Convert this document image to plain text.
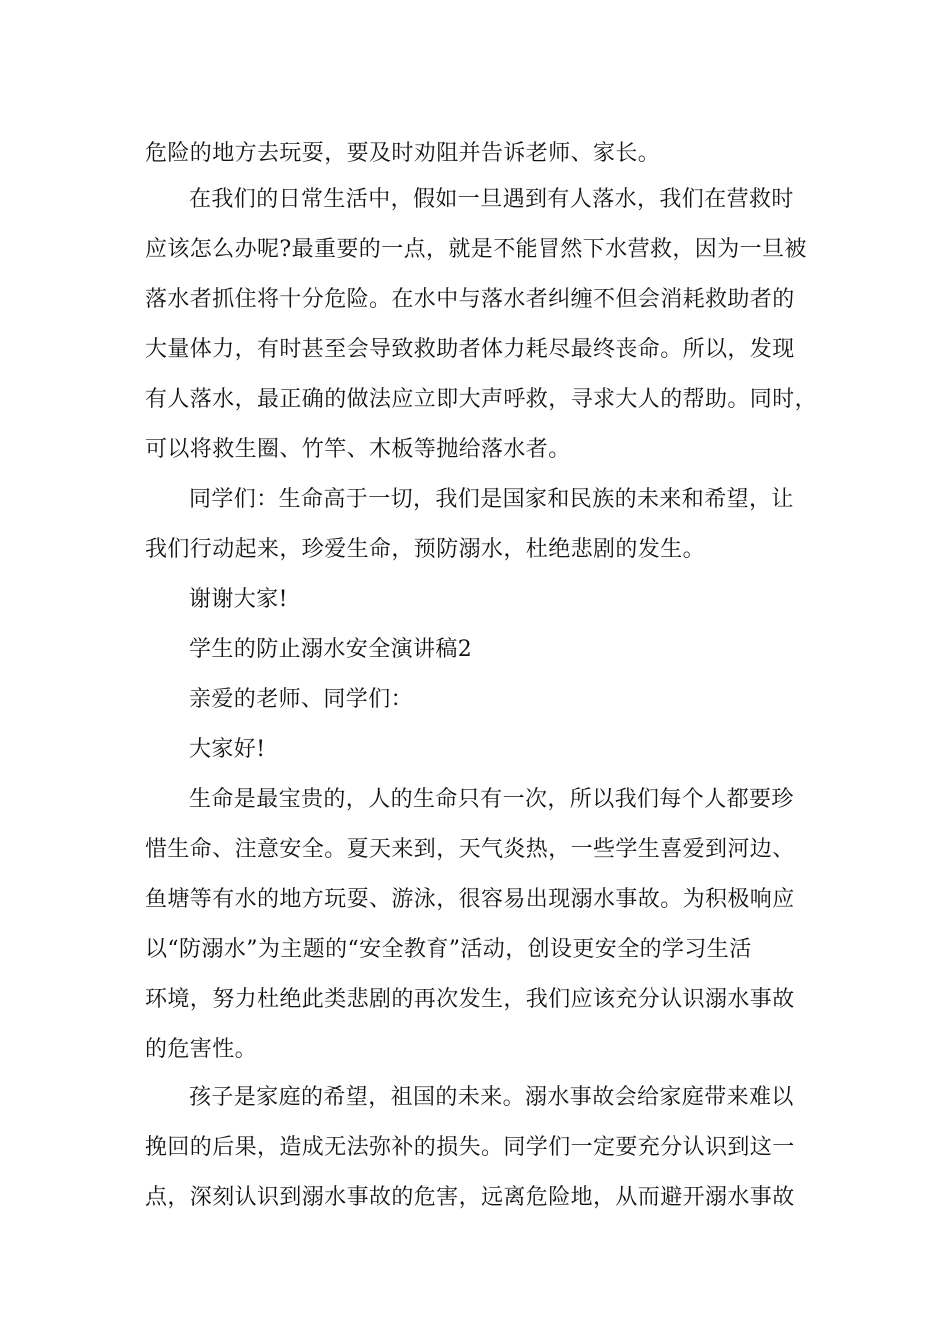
危险的地方去玩耍，要及时劝阻并告诉老师、家长。
在我们的日常生活中，假如一旦遇到有人落水，我们在营救时
应该怎么办呢?最重要的一点，就是不能冒然下水营救，因为一旦被
落水者抓住将十分危险。在水中与落水者纠缠不但会消耗救助者的
大量体力，有时甚至会导致救助者体力耗尽最终丧命。所以，发现
有人落水，最正确的做法应立即大声呼救，寻求大人的帮助。同时，
可以将救生圈、竹竿、木板等抛给落水者。
同学们：生命高于一切，我们是国家和民族的未来和希望，让
我们行动起来，珍爱生命，预防溺水，杜绝悲剧的发生。
谢谢大家!
学生的防止溺水安全演讲稿2
亲爱的老师、同学们：
大家好!
生命是最宝贵的，人的生命只有一次，所以我们每个人都要珍
惜生命、注意安全。夏天来到，天气炎热，一些学生喜爱到河边、
鱼塘等有水的地方玩耍、游泳，很容易出现溺水事故。为积极响应
以“防溺水”为主题的“安全教育”活动，创设更安全的学习生活
环境，努力杜绝此类悲剧的再次发生，我们应该充分认识溺水事故
的危害性。
孩子是家庭的希望，祖国的未来。溺水事故会给家庭带来难以
挽回的后果，造成无法弥补的损失。同学们一定要充分认识到这一
点，深刻认识到溺水事故的危害，远离危险地，从而避开溺水事故
